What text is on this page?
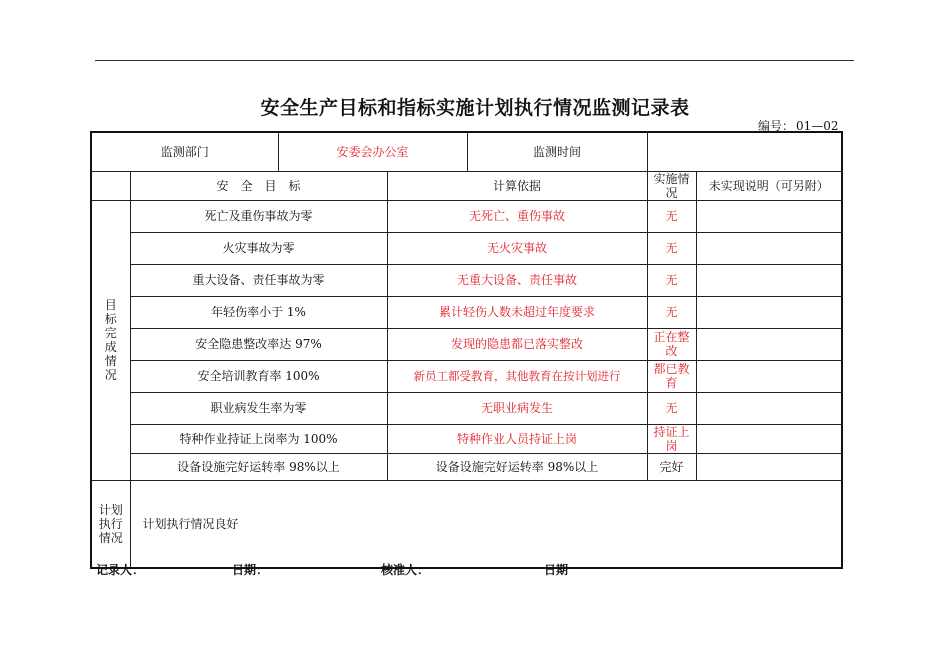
安全生产目标和指标实施计划执行情况监测记录表
编号： 01—02
监测部门		安委会办公室		监测时间		
	安　全　目　标		计算依据		实施情况	未实现说明（可另附）
目标完成情况	死亡及重伤事故为零		无死亡、重伤事故		无	
	火灾事故为零		无火灾事故		无	
	重大设备、责任事故为零		无重大设备、责任事故		无	
	年轻伤率小于 1%		累计轻伤人数未超过年度要求		无	
	安全隐患整改率达 97%		发现的隐患都已落实整改		正在整改	
	安全培训教育率 100%		新员工都受教育，其他教育在按计划进行		都已教育	
	职业病发生率为零		无职业病发生		无	
	特种作业持证上岗率为 100%		特种作业人员持证上岗		持证上岗	
	设备设施完好运转率 98%以上		设备设施完好运转率 98%以上		完好	
计划执行情况	计划执行情况良好					
记录人：	日期：	核准人：	日期
